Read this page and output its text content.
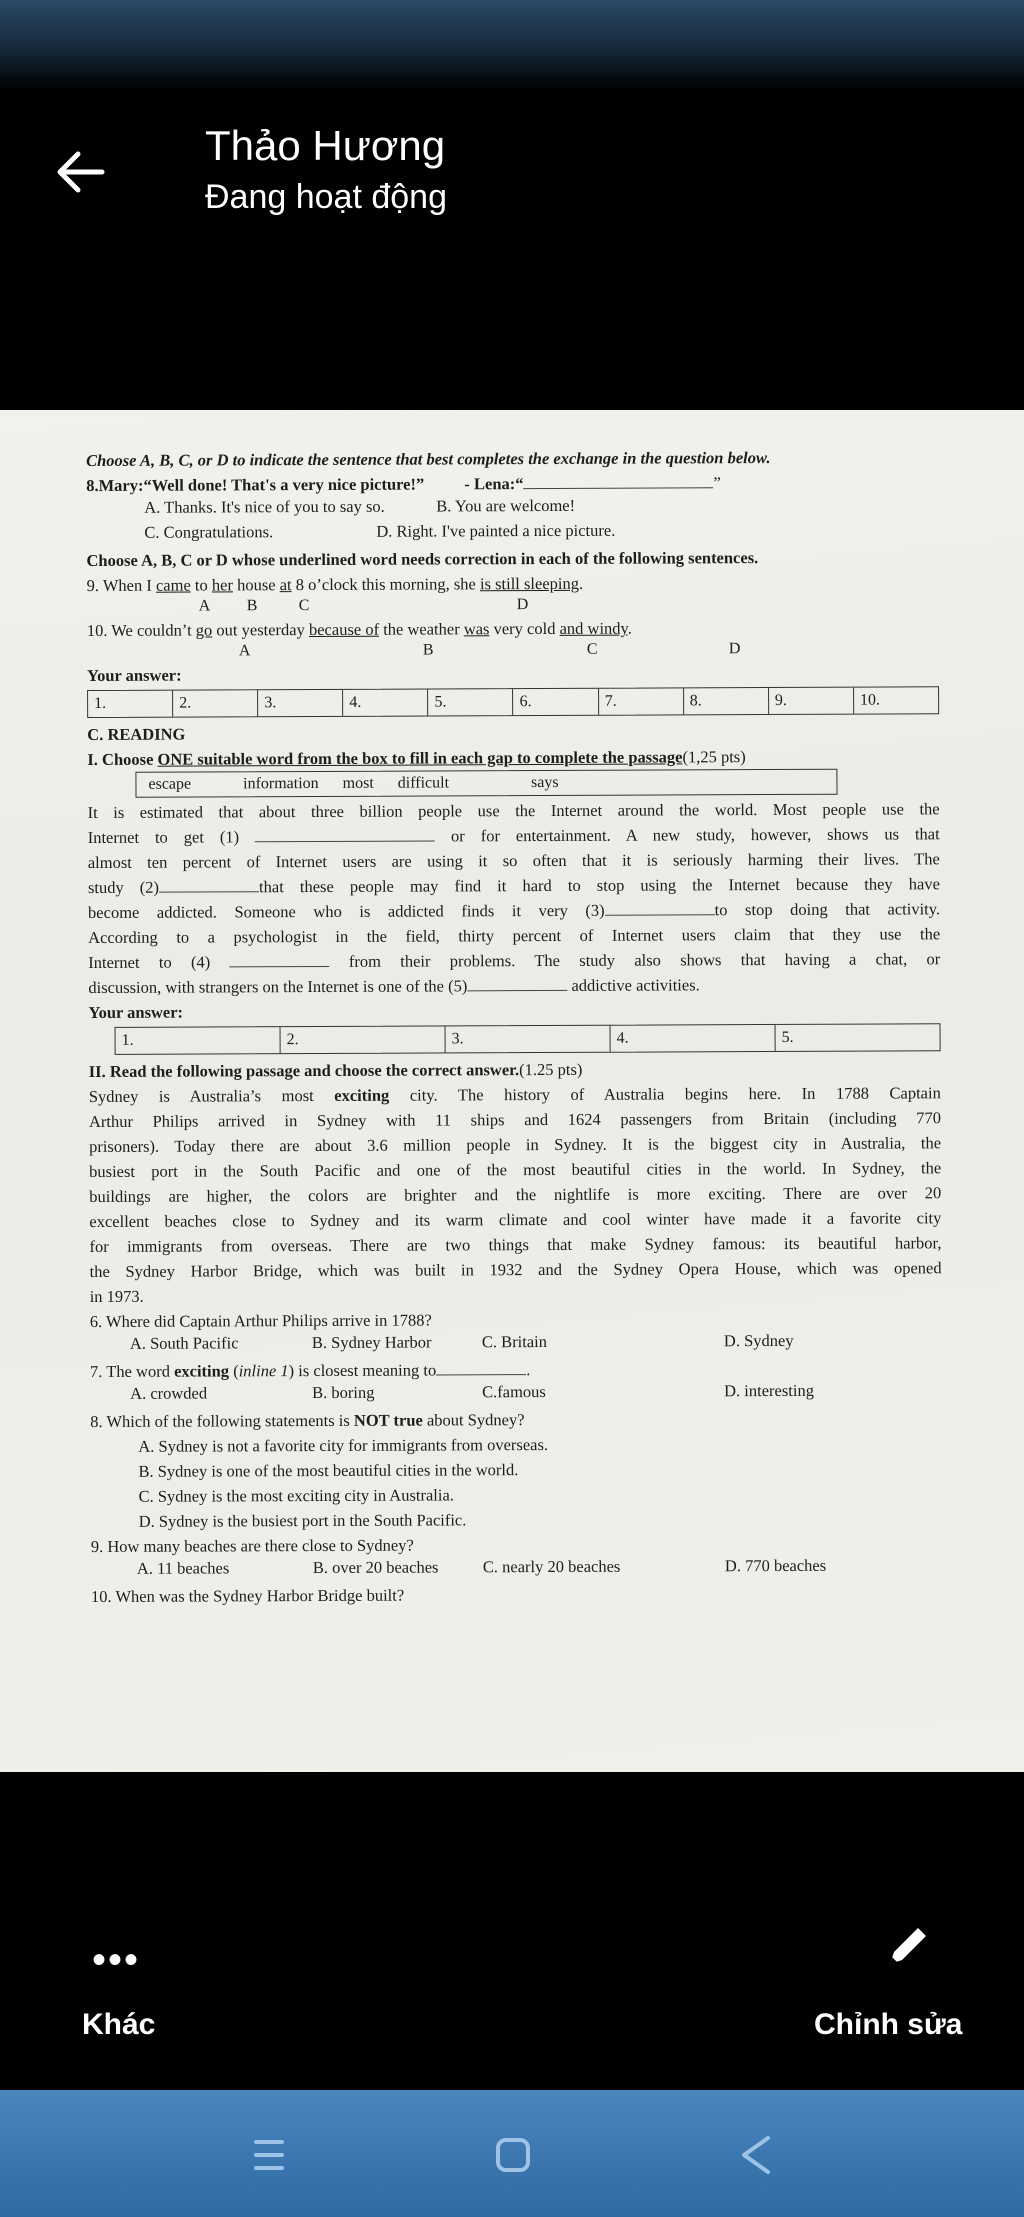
Thảo Hương
Đang hoạt động
Choose A, B, C, or D to indicate the sentence that best completes the exchange in the question below.
8.Mary:“Well done! That's a very nice picture!” - Lena:“	”
A. Thanks. It's nice of you to say so.	B. You are welcome!
C. Congratulations.	D. Right. I've painted a nice picture.
Choose A, B, C or D whose underlined word needs correction in each of the following sentences.
9. When I came to her house at 8 o’clock this morning, she is still sleeping.
A B	C	D
10. We couldn’t go out yesterday because of the weather was very cold and windy.
A	B	C	D
Your answer:
1.	2.	3.	4.	5.	6.	7.	8.	9.	10.
C. READING
I. Choose ONE suitable word from the box to fill in each gap to complete the passage(1,25 pts)
escape	information	most	difficult	says
It is estimated that about three billion people use the Internet around the world. Most people use the
Internet to get (1)	or for entertainment. A new study, however, shows us that
almost ten percent of Internet users are using it so often that it is seriously harming their lives. The
study (2)	that these people may find it hard to stop using the Internet because they have
become addicted. Someone who is addicted finds it very (3)	to stop doing that activity.
According to a psychologist in the field, thirty percent of Internet users claim that they use the
Internet to (4)	from their problems. The study also shows that having a chat, or
discussion, with strangers on the Internet is one of the (5)	addictive activities.
Your answer:
1.	2.	3.	4.	5.
II. Read the following passage and choose the correct answer.(1.25 pts)
Sydney is Australia’s most exciting city. The history of Australia begins here. In 1788 Captain
Arthur Philips arrived in Sydney with 11 ships and 1624 passengers from Britain (including 770
prisoners). Today there are about 3.6 million people in Sydney. It is the biggest city in Australia, the
busiest port in the South Pacific and one of the most beautiful cities in the world. In Sydney, the
buildings are higher, the colors are brighter and the nightlife is more exciting. There are over 20
excellent beaches close to Sydney and its warm climate and cool winter have made it a favorite city
for immigrants from overseas. There are two things that make Sydney famous: its beautiful harbor,
the Sydney Harbor Bridge, which was built in 1932 and the Sydney Opera House, which was opened
in 1973.
6. Where did Captain Arthur Philips arrive in 1788?
A. South Pacific	B. Sydney Harbor	C. Britain	D. Sydney
7. The word exciting (inline 1) is closest meaning to	.
A. crowded	B. boring	C.famous	D. interesting
8. Which of the following statements is NOT true about Sydney?
A. Sydney is not a favorite city for immigrants from overseas.
B. Sydney is one of the most beautiful cities in the world.
C. Sydney is the most exciting city in Australia.
D. Sydney is the busiest port in the South Pacific.
9. How many beaches are there close to Sydney?
A. 11 beaches	B. over 20 beaches	C. nearly 20 beaches	D. 770 beaches
10. When was the Sydney Harbor Bridge built?
•••
Khác	Chỉnh sửa
